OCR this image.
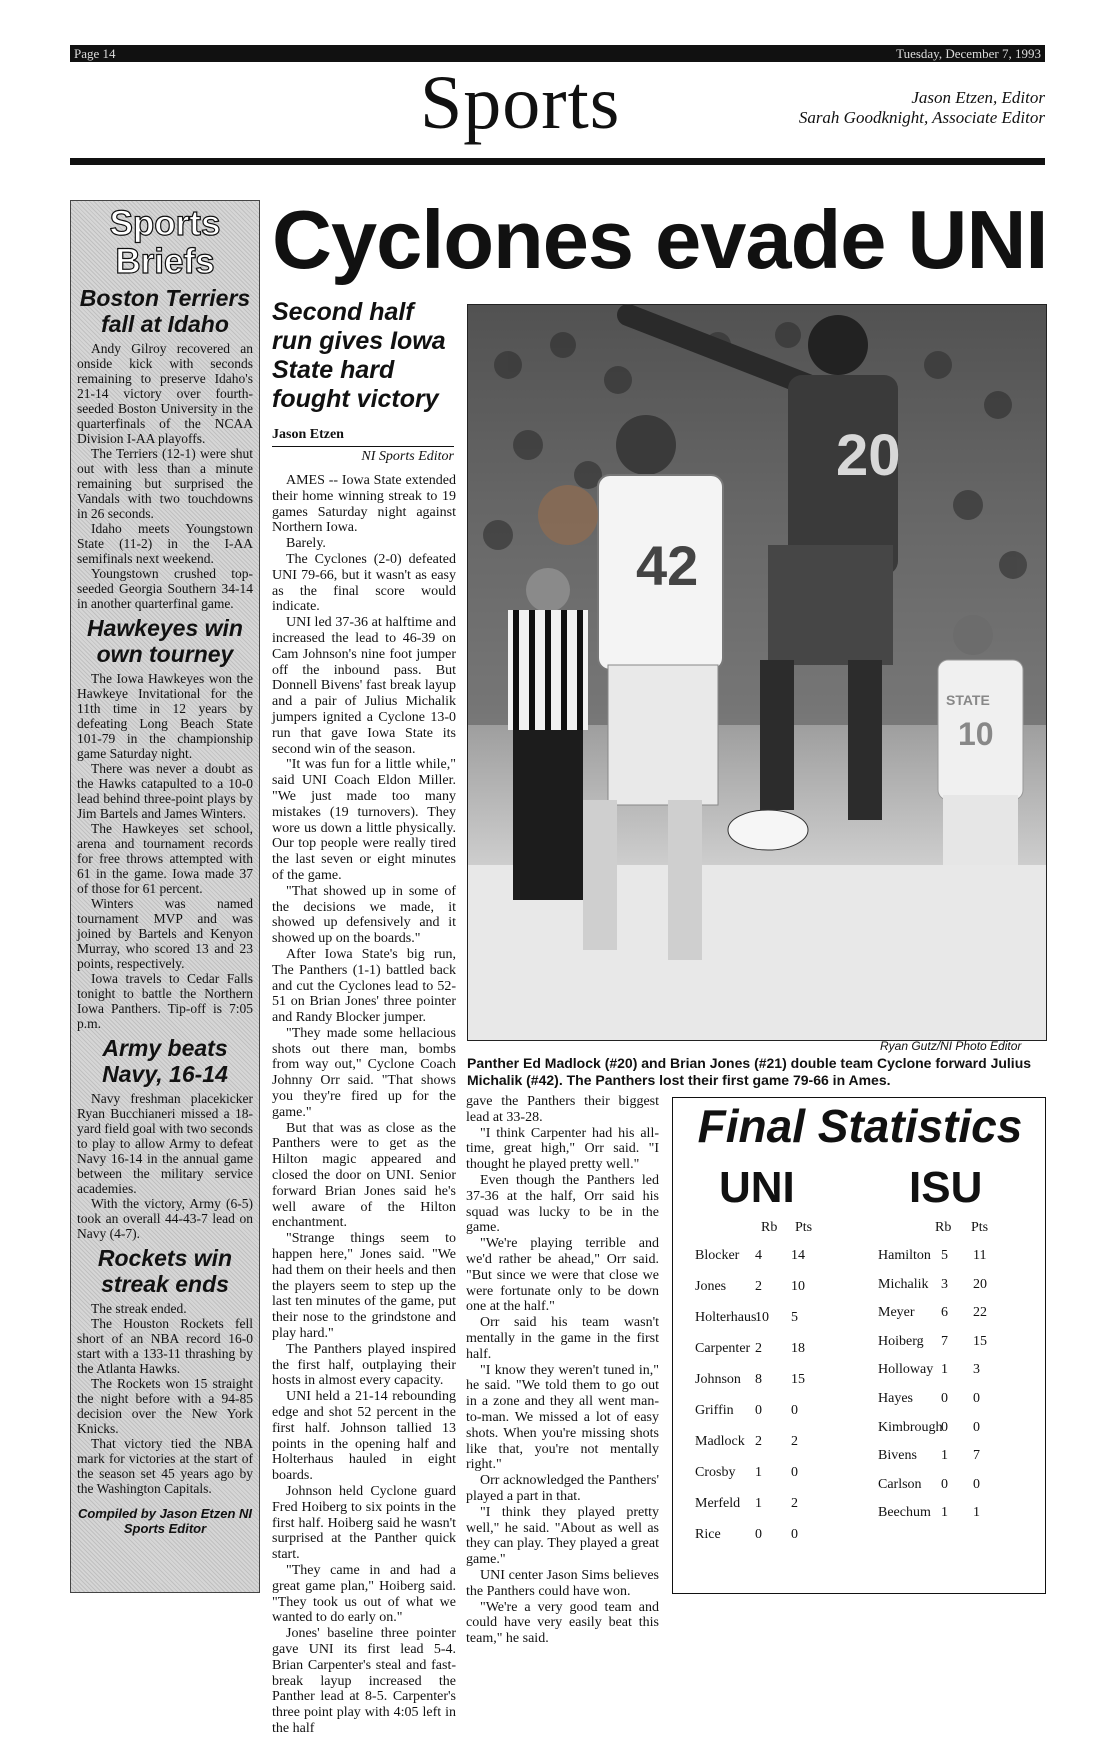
Page 14	Tuesday, December 7, 1993
Sports	Jason Etzen, Editor
Sarah Goodknight, Associate Editor
Sports
Briefs
Boston Terriers fall at Idaho

Andy Gilroy recovered an onside kick with seconds remaining to preserve Idaho's 21-14 victory over fourth-seeded Boston University in the quarterfinals of the NCAA Division I-AA playoffs.

The Terriers (12-1) were shut out with less than a minute remaining but surprised the Vandals with two touchdowns in 26 seconds.

Idaho meets Youngstown State (11-2) in the I-AA semifinals next weekend.

Youngstown crushed top-seeded Georgia Southern 34-14 in another quarterfinal game.

Hawkeyes win own tourney

The Iowa Hawkeyes won the Hawkeye Invitational for the 11th time in 12 years by defeating Long Beach State 101-79 in the championship game Saturday night.

There was never a doubt as the Hawks catapulted to a 10-0 lead behind three-point plays by Jim Bartels and James Winters.

The Hawkeyes set school, arena and tournament records for free throws attempted with 61 in the game. Iowa made 37 of those for 61 percent.

Winters was named tournament MVP and was joined by Bartels and Kenyon Murray, who scored 13 and 23 points, respectively.

Iowa travels to Cedar Falls tonight to battle the Northern Iowa Panthers. Tip-off is 7:05 p.m.

Army beats Navy, 16-14

Navy freshman placekicker Ryan Bucchianeri missed a 18-yard field goal with two seconds to play to allow Army to defeat Navy 16-14 in the annual game between the military service academies.

With the victory, Army (6-5) took an overall 44-43-7 lead on Navy (4-7).

Rockets win streak ends

The streak ended.

The Houston Rockets fell short of an NBA record 16-0 start with a 133-11 thrashing by the Atlanta Hawks.

The Rockets won 15 straight the night before with a 94-85 decision over the New York Knicks.

That victory tied the NBA mark for victories at the start of the season set 45 years ago by the Washington Capitals.

Compiled by Jason Etzen NI Sports Editor
Cyclones evade UNI
Second half run gives Iowa State hard fought victory
Jason Etzen
NI Sports Editor

AMES -- Iowa State extended their home winning streak to 19 games Saturday night against Northern Iowa.

Barely.

The Cyclones (2-0) defeated UNI 79-66, but it wasn't as easy as the final score would indicate.

UNI led 37-36 at halftime and increased the lead to 46-39 on Cam Johnson's nine foot jumper off the inbound pass. But Donnell Bivens' fast break layup and a pair of Julius Michalik jumpers ignited a Cyclone 13-0 run that gave Iowa State its second win of the season.

"It was fun for a little while," said UNI Coach Eldon Miller. "We just made too many mistakes (19 turnovers). They wore us down a little physically. Our top people were really tired the last seven or eight minutes of the game.

"That showed up in some of the decisions we made, it showed up defensively and it showed up on the boards."

After Iowa State's big run, The Panthers (1-1) battled back and cut the Cyclones lead to 52-51 on Brian Jones' three pointer and Randy Blocker jumper.

"They made some hellacious shots out there man, bombs from way out," Cyclone Coach Johnny Orr said. "That shows you they're fired up for the game."

But that was as close as the Panthers were to get as the Hilton magic appeared and closed the door on UNI. Senior forward Brian Jones said he's well aware of the Hilton enchantment.

"Strange things seem to happen here," Jones said. "We had them on their heels and then the players seem to step up the last ten minutes of the game, put their nose to the grindstone and play hard."

The Panthers played inspired the first half, outplaying their hosts in almost every capacity.

UNI held a 21-14 rebounding edge and shot 52 percent in the first half. Johnson tallied 13 points in the opening half and Holterhaus hauled in eight boards.

Johnson held Cyclone guard Fred Hoiberg to six points in the first half. Hoiberg said he wasn't surprised at the Panther quick start.

"They came in and had a great game plan," Hoiberg said. "They took us out of what we wanted to do early on."

Jones' baseline three pointer gave UNI its first lead 5-4. Brian Carpenter's steal and fast-break layup increased the Panther lead at 8-5. Carpenter's three point play with 4:05 left in the half

gave the Panthers their biggest lead at 33-28.

"I think Carpenter had his all-time, great high," Orr said. "I thought he played pretty well."

Even though the Panthers led 37-36 at the half, Orr said his squad was lucky to be in the game.

"We're playing terrible and we'd rather be ahead," Orr said. "But since we were that close we were fortunate only to be down one at the half."

Orr said his team wasn't mentally in the game in the first half.

"I know they weren't tuned in," he said. "We told them to go out in a zone and they all went man-to-man. We missed a lot of easy shots. When you're missing shots like that, you're not mentally right."

Orr acknowledged the Panthers' played a part in that.

"I think they played pretty well," he said. "About as well as they can play. They played a great game."

UNI center Jason Sims believes the Panthers could have won.

"We're a very good team and could have very easily beat this team," he said.

42
20
STATE
10
Ryan Gutz/NI Photo Editor
Panther Ed Madlock (#20) and Brian Jones (#21) double team Cyclone forward Julius Michalik (#42). The Panthers lost their first game 79-66 in Ames.
Final Statistics
UNI
Rb Pts
ISU
Rb Pts
Blocker 4 14
Jones 2 10
Holterhaus
10 5
Carpenter 2 18
Johnson 8 15
Griffin 0 0
Madlock 2 2
Crosby 1 0
Merfeld 1 2
Rice 0 0
Hamilton 5 11
Michalik 3 20
Meyer 6 22
Hoiberg 7 15
Holloway 1 3
Hayes 0 0
Kimbrough
0 0
Bivens 1 7
Carlson 0 0
Beechum 1 1
